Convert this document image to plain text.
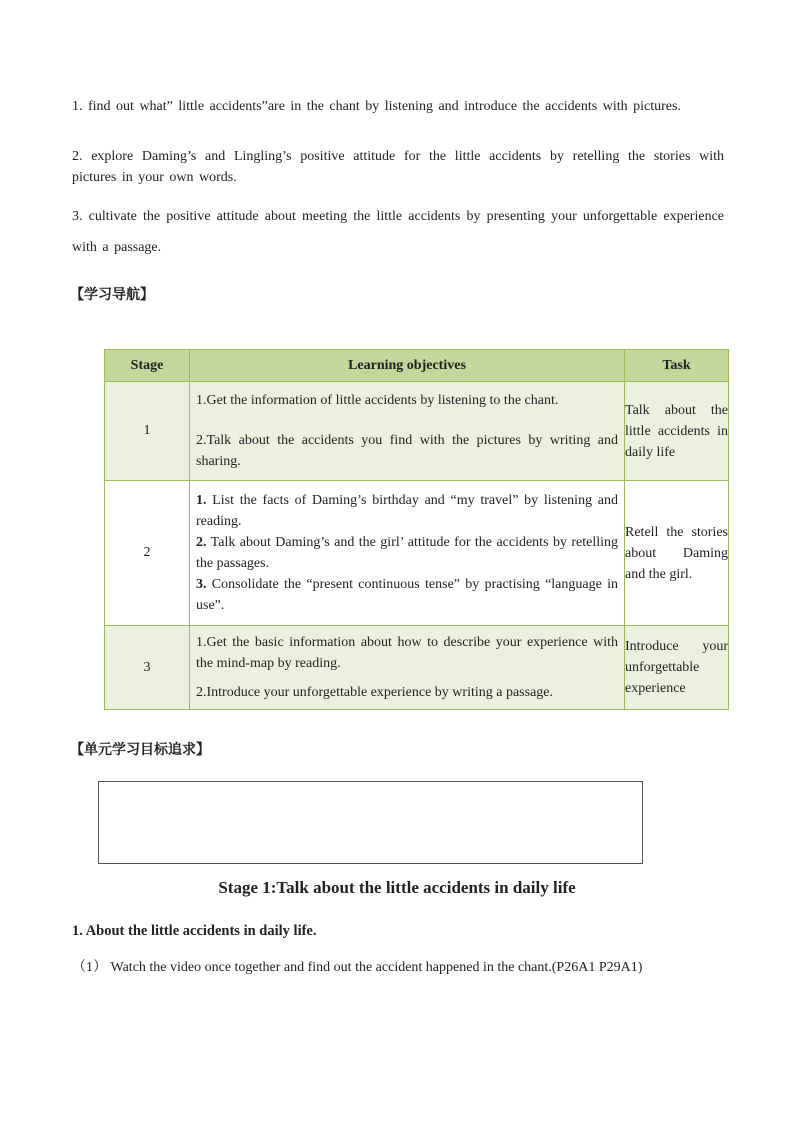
1. find out what” little accidents”are in the chant by listening and introduce the accidents with pictures.
2. explore Daming’s and Lingling’s positive attitude for the little accidents by retelling the stories with pictures in your own words.
3. cultivate the positive attitude about meeting the little accidents by presenting your unforgettable experience with a passage.
【学习导航】
Stage	Learning objectives	Task
1	1.Get the information of little accidents by listening to the chant.

2.Talk about the accidents you find with the pictures by writing and sharing.	Talk about the little accidents in daily life
2	1. List the facts of Daming’s birthday and “my travel” by listening and reading.

2. Talk about Daming’s and the girl’ attitude for the accidents by retelling the passages.

3. Consolidate the “present continuous tense” by practising “language in use”.	Retell the stories about Daming and the girl.
3	1.Get the basic information about how to describe your experience with the mind-map by reading.

2.Introduce your unforgettable experience by writing a passage.	Introduce your unforgettable experience
【单元学习目标追求】
Stage 1:Talk about the little accidents in daily life
1. About the little accidents in daily life.
（1） Watch the video once together and find out the accident happened in the chant.(P26A1 P29A1)
